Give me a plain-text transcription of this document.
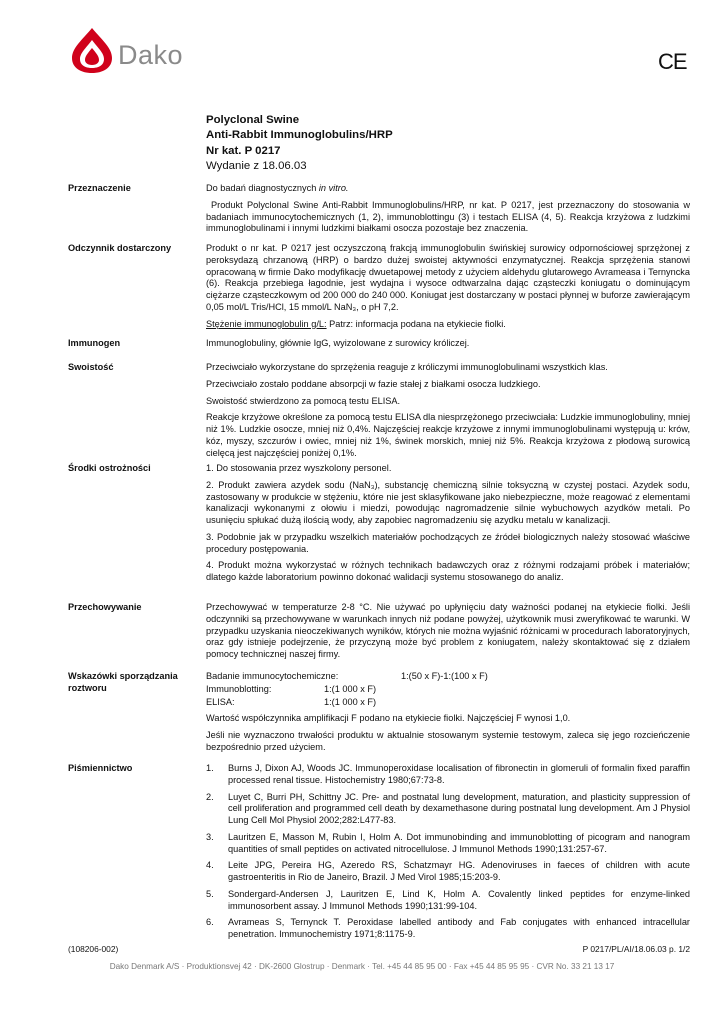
Dako	CE
Polyclonal Swine
Anti-Rabbit Immunoglobulins/HRP
Nr kat. P 0217
Wydanie z 18.06.03
Przeznaczenie	Do badań diagnostycznych in vitro.

Produkt Polyclonal Swine Anti-Rabbit Immunoglobulins/HRP, nr kat. P 0217, jest przeznaczony do stosowania w badaniach immunocytochemicznych (1, 2), immunoblottingu (3) i testach ELISA (4, 5). Reakcja krzyżowa z ludzkimi immunoglobulinami i innymi ludzkimi białkami osocza pozostaje bez znaczenia.

Odczynnik dostarczony	Produkt o nr kat. P 0217 jest oczyszczoną frakcją immunoglobulin świńskiej surowicy odpornościowej sprzężonej z peroksydazą chrzanową (HRP) o bardzo dużej swoistej aktywności enzymatycznej. Reakcja sprzężenia stanowi opracowaną w firmie Dako modyfikację dwuetapowej metody z użyciem aldehydu glutarowego Avrameasa i Ternyncka (6). Reakcja przebiega łagodnie, jest wydajna i wysoce odtwarzalna dając cząsteczki koniugatu o dominującym ciężarze cząsteczkowym od 200 000 do 240 000. Koniugat jest dostarczany w postaci płynnej w buforze zawierającym 0,05 mol/L Tris/HCl, 15 mmol/L NaN₃, o pH 7,2.

Stężenie immunoglobulin g/L: Patrz: informacja podana na etykiecie fiolki.

Immunogen	Immunoglobuliny, głównie IgG, wyizolowane z surowicy króliczej.

Swoistość	Przeciwciało wykorzystane do sprzężenia reaguje z króliczymi immunoglobulinami wszystkich klas.

Przeciwciało zostało poddane absorpcji w fazie stałej z białkami osocza ludzkiego.

Swoistość stwierdzono za pomocą testu ELISA.

Reakcje krzyżowe określone za pomocą testu ELISA dla niesprzężonego przeciwciała: Ludzkie immunoglobuliny, mniej niż 1%. Ludzkie osocze, mniej niż 0,4%. Najczęściej reakcje krzyżowe z innymi immunoglobulinami występują u: krów, kóz, myszy, szczurów i owiec, mniej niż 1%, świnek morskich, mniej niż 5%. Reakcja krzyżowa z płodową surowicą cielęcą jest najczęściej poniżej 0,1%.

Środki ostrożności	1. Do stosowania przez wyszkolony personel.

2. Produkt zawiera azydek sodu (NaN₃), substancję chemiczną silnie toksyczną w czystej postaci. Azydek sodu, zastosowany w produkcie w stężeniu, które nie jest sklasyfikowane jako niebezpieczne, może reagować z elementami kanalizacji wykonanymi z ołowiu i miedzi, powodując nagromadzenie silnie wybuchowych azydków metali. Po usunięciu spłukać dużą ilością wody, aby zapobiec nagromadzeniu się azydku metalu w kanalizacji.

3. Podobnie jak w przypadku wszelkich materiałów pochodzących ze źródeł biologicznych należy stosować właściwe procedury postępowania.

4. Produkt można wykorzystać w różnych technikach badawczych oraz z różnymi rodzajami próbek i materiałów; dlatego każde laboratorium powinno dokonać walidacji systemu stosowanego do analiz.

Przechowywanie	Przechowywać w temperaturze 2-8 °C. Nie używać po upłynięciu daty ważności podanej na etykiecie fiolki. Jeśli odczynniki są przechowywane w warunkach innych niż podane powyżej, użytkownik musi zweryfikować te warunki. W przypadku uzyskania nieoczekiwanych wyników, których nie można wyjaśnić różnicami w procedurach laboratoryjnych, oraz gdy istnieje podejrzenie, że przyczyną może być problem z koniugatem, należy skontaktować się z działem pomocy technicznej naszej firmy.

Wskazówki sporządzania
roztworu
Badanie immunocytochemiczne:	1:(50 x F)-1:(100 x F)
Immunoblotting:	1:(1 000 x F)
ELISA:	1:(1 000 x F)

Wartość współczynnika amplifikacji F podano na etykiecie fiolki. Najczęściej F wynosi 1,0.

Jeśli nie wyznaczono trwałości produktu w aktualnie stosowanym systemie testowym, zaleca się jego rozcieńczenie bezpośrednio przed użyciem.

Piśmiennictwo	1. Burns J, Dixon AJ, Woods JC. Immunoperoxidase localisation of fibronectin in glomeruli of formalin fixed paraffin processed renal tissue. Histochemistry 1980;67:73-8.
2. Luyet C, Burri PH, Schittny JC. Pre- and postnatal lung development, maturation, and plasticity suppression of cell proliferation and programmed cell death by dexamethasone during postnatal lung development. Am J Physiol Lung Cell Mol Physiol 2002;282:L477-83.
3. Lauritzen E, Masson M, Rubin I, Holm A. Dot immunobinding and immunoblotting of picogram and nanogram quantities of small peptides on activated nitrocellulose. J Immunol Methods 1990;131:257-67.
4. Leite JPG, Pereira HG, Azeredo RS, Schatzmayr HG. Adenoviruses in faeces of children with acute gastroenteritis in Rio de Janeiro, Brazil. J Med Virol 1985;15:203-9.
5. Sondergard-Andersen J, Lauritzen E, Lind K, Holm A. Covalently linked peptides for enzyme-linked immunosorbent assay. J Immunol Methods 1990;131:99-104.
6. Avrameas S, Ternynck T. Peroxidase labelled antibody and Fab conjugates with enhanced intracellular penetration. Immunochemistry 1971;8:1175-9.
(108206-002)	P 0217/PL/AI/18.06.03 p. 1/2
Dako Denmark A/S · Produktionsvej 42 · DK-2600 Glostrup · Denmark · Tel. +45 44 85 95 00 · Fax +45 44 85 95 95 · CVR No. 33 21 13 17
